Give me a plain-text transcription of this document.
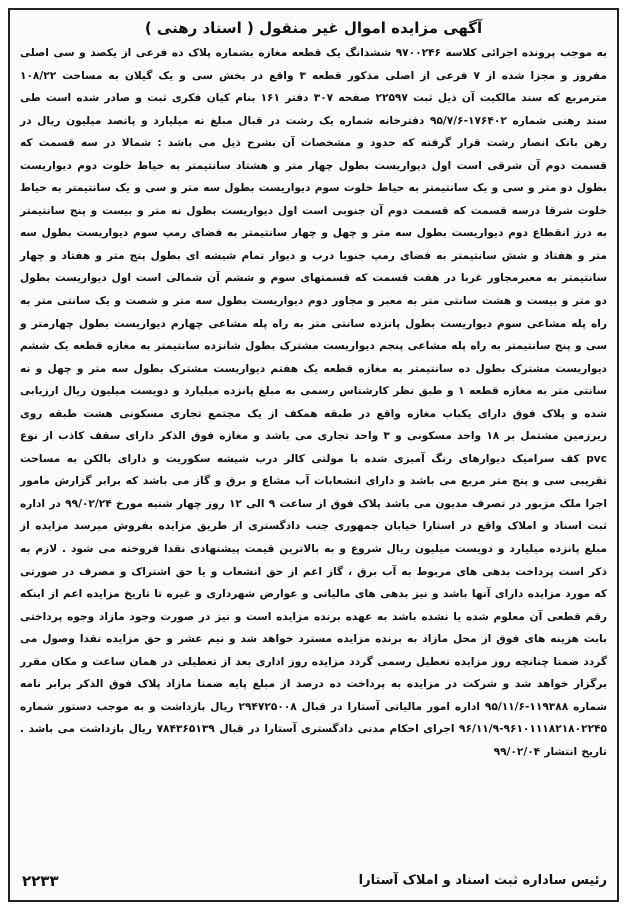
آگهی مزایده اموال غیر منقول ( اسناد رهنی )

به موجب پرونده اجرائی کلاسه ۹۷۰۰۲۴۶ ششدانگ یک قطعه مغازه بشماره پلاک ده فرعی از یکصد و سی اصلی مفروز و مجزا شده از ۷ فرعی از اصلی مذکور قطعه ۳ واقع در بخش سی و یک گیلان به مساحت ۱۰۸/۲۲ مترمربع که سند مالکیت آن ذیل ثبت ۲۲۵۹۷ صفحه ۳۰۷ دفتر ۱۶۱ بنام کیان فکری ثبت و صادر شده است طی سند رهنی شماره ۱۷۶۴۰۲-۹۵/۷/۶ دفترخانه شماره یک رشت در قبال مبلغ نه میلیارد و پانصد میلیون ریال در رهن بانک انصار رشت قرار گرفته که حدود و مشخصات آن بشرح ذیل می باشد : شمالا در سه قسمت که قسمت دوم آن شرقی است اول دیواریست بطول چهار متر و هشتاد سانتیمتر به حیاط خلوت دوم دیواریست بطول دو متر و سی و یک سانتیمتر به حیاط خلوت سوم دیواریست بطول سه متر و سی و یک سانتیمتر به حیاط خلوت شرقا درسه قسمت که قسمت دوم آن جنوبی است اول دیواریست بطول نه متر و بیست و پنج سانتیمتر به درز انقطاع دوم دیواریست بطول سه متر و چهل و چهار سانتیمتر به فضای رمپ سوم دیواریست بطول سه متر و هفتاد و شش سانتیمتر به فضای رمپ جنوبا درب و دیوار تمام شیشه ای بطول پنج متر و هفتاد و چهار سانتیمتر به معبرمجاور غربا در هفت قسمت که قسمتهای سوم و ششم آن شمالی است اول دیواریست بطول دو متر و بیست و هشت سانتی متر به معبر و مجاور دوم دیواریست بطول سه متر و شصت و یک سانتی متر به راه پله مشاعی سوم دیواریست بطول پانزده سانتی متر به راه پله مشاعی چهارم دیواریست بطول چهارمتر و سی و پنج سانتیمتر به راه پله مشاعی پنجم دیواریست مشترک بطول شانزده سانتیمتر به مغازه قطعه یک ششم دیواریست مشترک بطول ده سانتیمتر به مغازه قطعه یک هفتم دیواریست مشترک بطول سه متر و چهل و نه سانتی متر به مغازه قطعه ۱ و طبق نظر کارشناس رسمی به مبلغ پانزده میلیارد و دویست میلیون ریال ارزیابی شده و پلاک فوق دارای یکباب مغازه واقع در طبقه همکف از یک مجتمع تجاری مسکونی هشت طبقه روی زیرزمین مشتمل بر ۱۸ واحد مسکونی و ۳ واحد تجاری می باشد و مغازه فوق الذکر دارای سقف کاذب از نوع pvc کف سرامیک دیوارهای رنگ آمیزی شده با مولتی کالر درب شیشه سکوریت و دارای بالکن به مساحت تقریبی سی و پنج متر مربع می باشد و دارای انشعابات آب مشاع و برق و گاز می باشد که برابر گزارش مامور اجرا ملک مزبور در تصرف مدیون می باشد پلاک فوق از ساعت ۹ الی ۱۲ روز چهار شنبه مورخ ۹۹/۰۲/۲۴ در اداره ثبت اسناد و املاک واقع در استارا خیابان جمهوری جنب دادگستری از طریق مزایده بفروش میرسد مزایده از مبلغ پانزده میلیارد و دویست میلیون ریال شروع و به بالاترین قیمت پیشنهادی نقدا فروخته می شود . لازم به ذکر است پرداخت بدهی های مربوط به آب برق ، گاز اعم از حق انشعاب و یا حق اشتراک و مصرف در صورتی که مورد مزایده دارای آنها باشد و نیز بدهی های مالیاتی و عوارض شهرداری و غیره تا تاریخ مزایده اعم از اینکه رقم قطعی آن معلوم شده یا نشده باشد به عهده برنده مزایده است و نیز در صورت وجود مازاد وجوه پرداختی بابت هزینه های فوق از محل مازاد به برنده مزایده مسترد خواهد شد و نیم عشر و حق مزایده نقدا وصول می گردد ضمنا چنانچه روز مزایده تعطیل رسمی گردد مزایده روز اداری بعد از تعطیلی در همان ساعت و مکان مقرر برگزار خواهد شد و شرکت در مزایده به پرداخت ده درصد از مبلغ پایه ضمنا مازاد پلاک فوق الذکر برابر نامه شماره ۱۱۹۳۸۸-۹۵/۱۱/۶ اداره امور مالیاتی آستارا در قبال ۲۹۴۷۲۵۰۰۸ ریال بازداشت و به موجب دستور شماره ۹۶۱۰۱۱۱۸۲۱۸۰۲۲۴۵-۹۶/۱۱/۹ اجرای احکام مدنی دادگستری آستارا در قبال ۷۸۴۳۶۵۱۳۹ ریال بازداشت می باشد . تاریخ انتشار ۹۹/۰۲/۰۴

رئیس ساداره ثبت اسناد و املاک آستارا
۲۲۳۳
